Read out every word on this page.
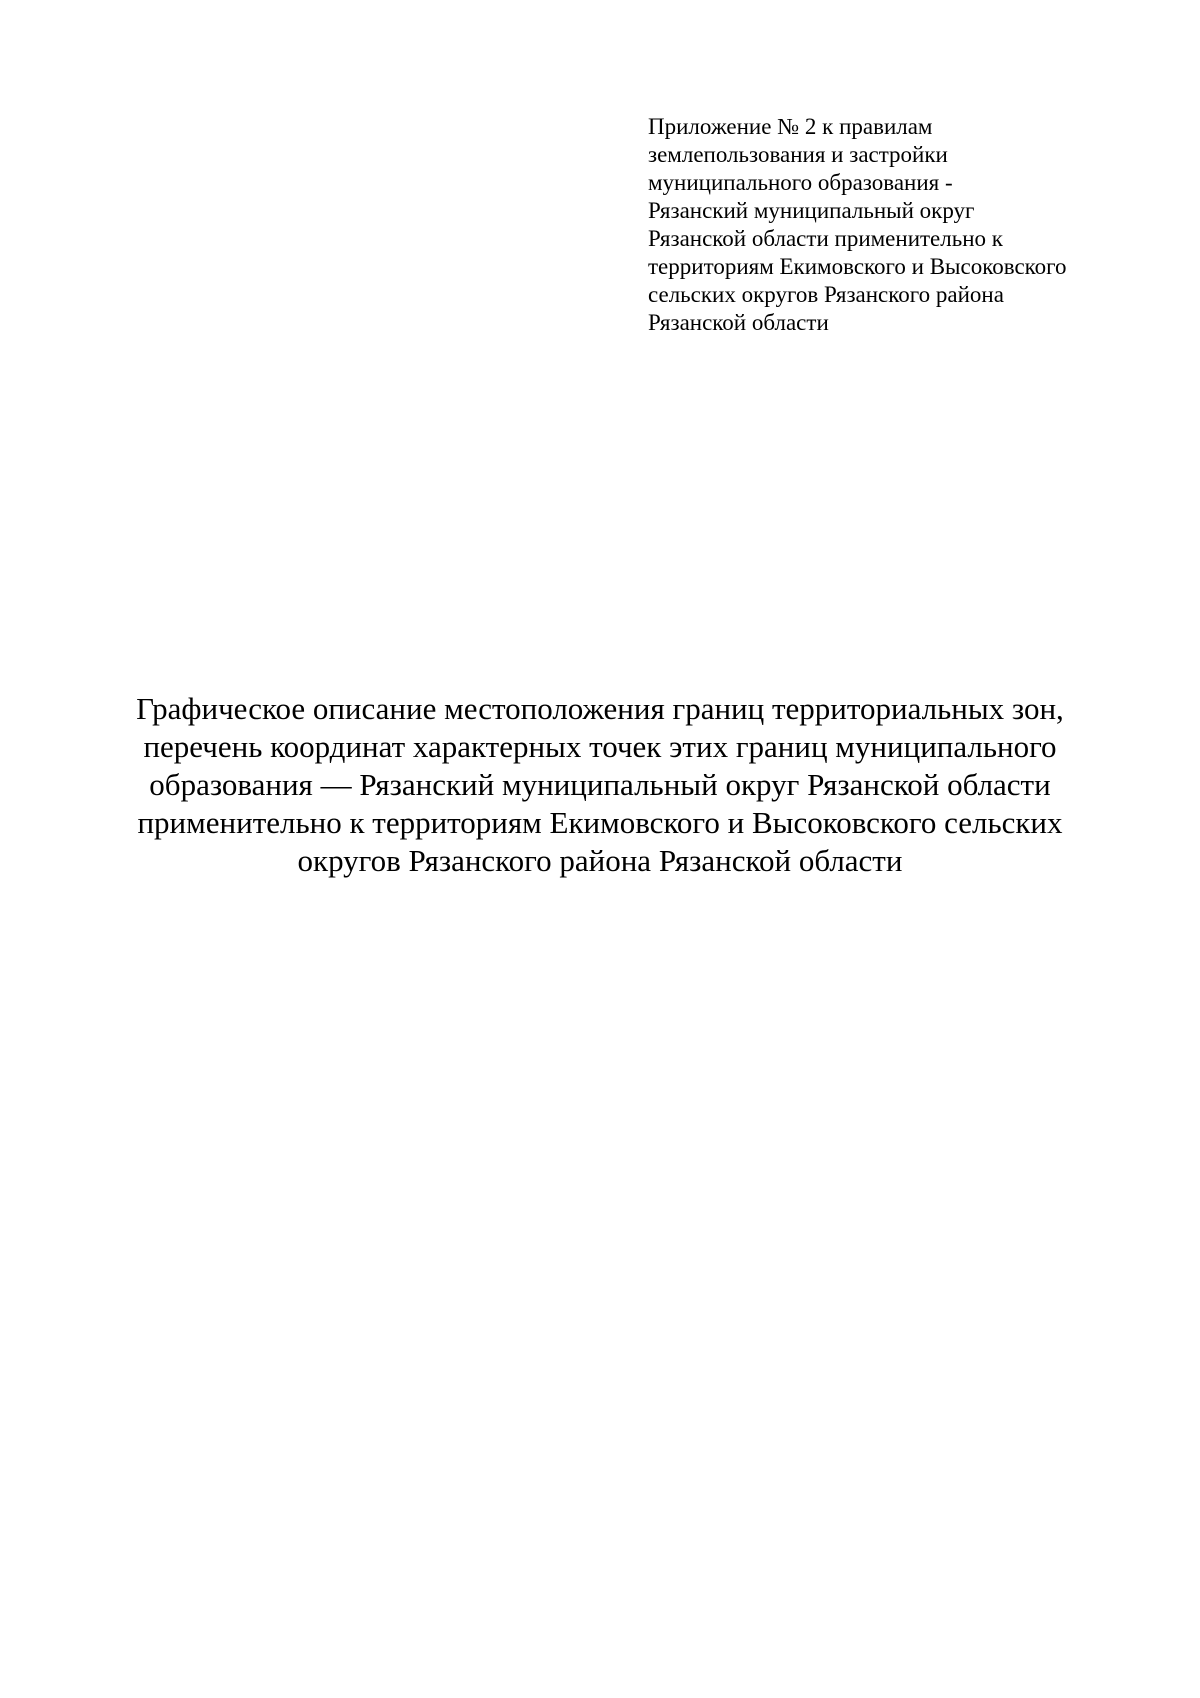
Приложение № 2 к правилам
землепользования и застройки
муниципального образования -
Рязанский муниципальный округ
Рязанской области применительно к
территориям Екимовского и Высоковского
сельских округов Рязанского района
Рязанской области
Графическое описание местоположения границ территориальных зон,
перечень координат характерных точек этих границ муниципального
образования — Рязанский муниципальный округ Рязанской области
применительно к территориям Екимовского и Высоковского сельских
округов Рязанского района Рязанской области
